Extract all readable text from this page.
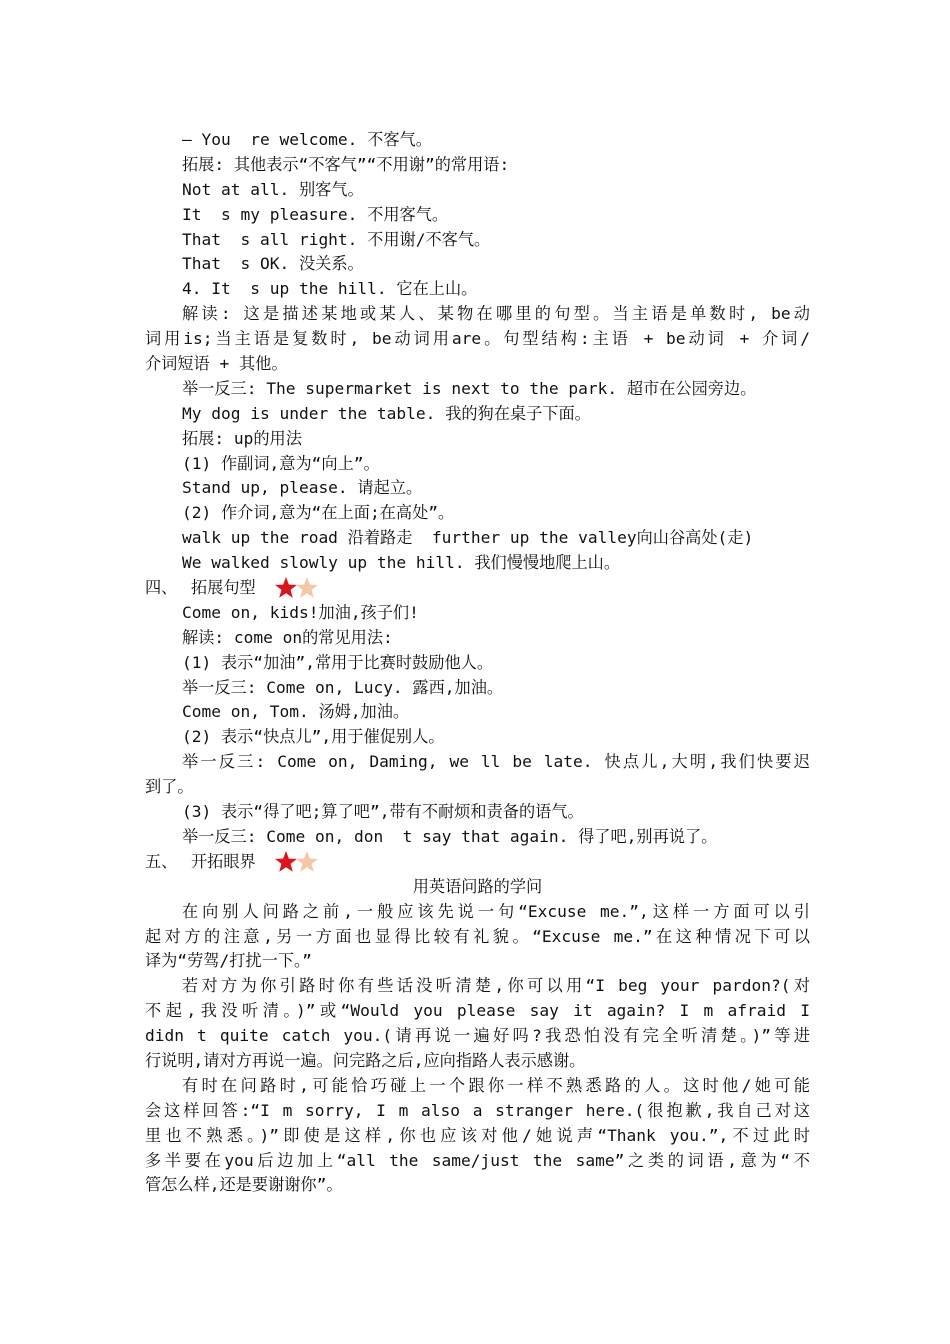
— You  re welcome. 不客气。
拓展: 其他表示“不客气”“不用谢”的常用语:
Not at all. 别客气。
It  s my pleasure. 不用客气。
That  s all right. 不用谢/不客气。
That  s OK. 没关系。
4. It  s up the hill. 它在上山。
解读: 这是描述某地或某人、某物在哪里的句型。当主语是单数时, be动
词用is;当主语是复数时, be动词用are。句型结构:主语 + be动词 + 介词/
介词短语 + 其他。
举一反三: The supermarket is next to the park. 超市在公园旁边。
My dog is under the table. 我的狗在桌子下面。
拓展: up的用法
(1) 作副词,意为“向上”。
Stand up, please. 请起立。
(2) 作介词,意为“在上面;在高处”。
walk up the road 沿着路走  further up the valley向山谷高处(走)
We walked slowly up the hill. 我们慢慢地爬上山。
四、 拓展句型
Come on, kids!加油,孩子们!
解读: come on的常见用法:
(1) 表示“加油”,常用于比赛时鼓励他人。
举一反三: Come on, Lucy. 露西,加油。
Come on, Tom. 汤姆,加油。
(2) 表示“快点儿”,用于催促别人。
举一反三: Come on, Daming, we ll be late. 快点儿,大明,我们快要迟
到了。
(3) 表示“得了吧;算了吧”,带有不耐烦和责备的语气。
举一反三: Come on, don  t say that again. 得了吧,别再说了。
五、 开拓眼界
用英语问路的学问
在向别人问路之前,一般应该先说一句“Excuse me.”,这样一方面可以引
起对方的注意,另一方面也显得比较有礼貌。“Excuse me.”在这种情况下可以
译为“劳驾/打扰一下。”
若对方为你引路时你有些话没听清楚,你可以用“I beg your pardon?(对
不起,我没听清。)”或“Would you please say it again? I m afraid I
didn t quite catch you.(请再说一遍好吗?我恐怕没有完全听清楚。)”等进
行说明,请对方再说一遍。问完路之后,应向指路人表示感谢。
有时在问路时,可能恰巧碰上一个跟你一样不熟悉路的人。这时他/她可能
会这样回答:“I m sorry, I m also a stranger here.(很抱歉,我自己对这
里也不熟悉。)”即使是这样,你也应该对他/她说声“Thank you.”,不过此时
多半要在you后边加上“all the same/just the same”之类的词语,意为“不
管怎么样,还是要谢谢你”。
